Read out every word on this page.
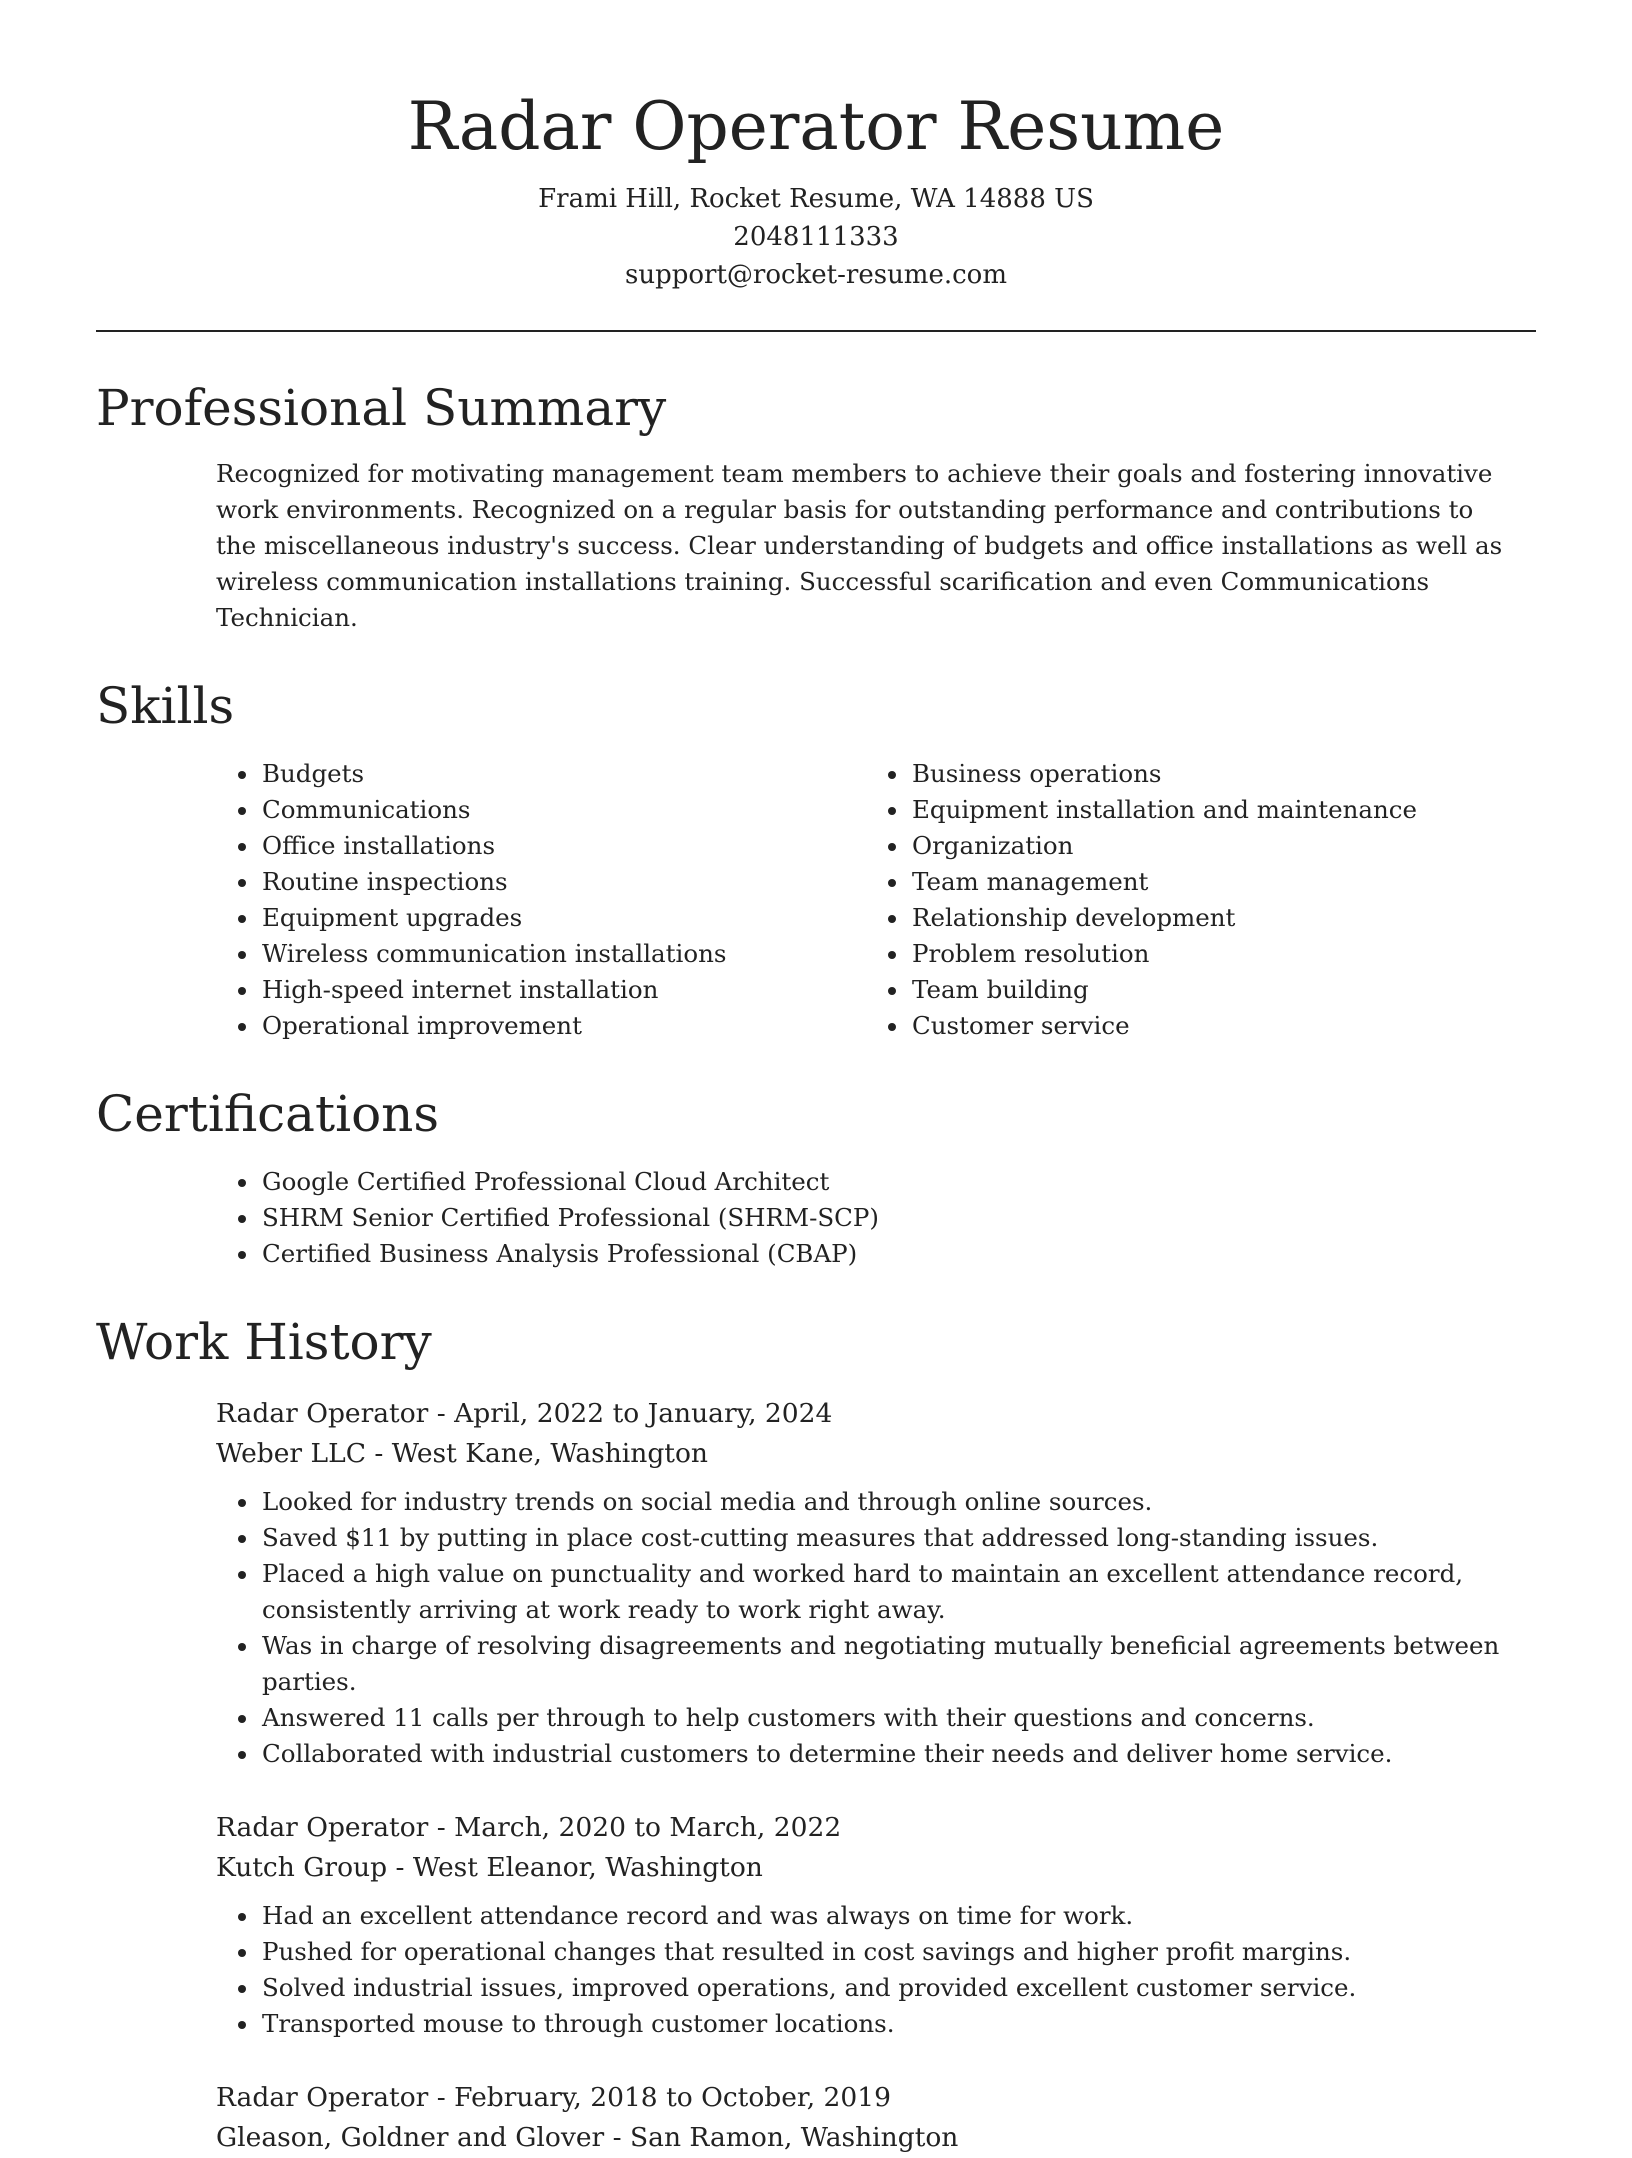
Radar Operator Resume
Frami Hill, Rocket Resume, WA 14888 US
2048111333
support@rocket-resume.com
Professional Summary
Recognized for motivating management team members to achieve their goals and fostering innovative work environments. Recognized on a regular basis for outstanding performance and contributions to the miscellaneous industry's success. Clear understanding of budgets and office installations as well as wireless communication installations training. Successful scarification and even Communications Technician.
Skills
• Budgets
• Communications
• Office installations
• Routine inspections
• Equipment upgrades
• Wireless communication installations
• High-speed internet installation
• Operational improvement
• Business operations
• Equipment installation and maintenance
• Organization
• Team management
• Relationship development
• Problem resolution
• Team building
• Customer service
Certifications
• Google Certified Professional Cloud Architect
• SHRM Senior Certified Professional (SHRM-SCP)
• Certified Business Analysis Professional (CBAP)
Work History
Radar Operator - April, 2022 to January, 2024
Weber LLC - West Kane, Washington
• Looked for industry trends on social media and through online sources.
• Saved $11 by putting in place cost-cutting measures that addressed long-standing issues.
• Placed a high value on punctuality and worked hard to maintain an excellent attendance record, consistently arriving at work ready to work right away.
• Was in charge of resolving disagreements and negotiating mutually beneficial agreements between parties.
• Answered 11 calls per through to help customers with their questions and concerns.
• Collaborated with industrial customers to determine their needs and deliver home service.
Radar Operator - March, 2020 to March, 2022
Kutch Group - West Eleanor, Washington
• Had an excellent attendance record and was always on time for work.
• Pushed for operational changes that resulted in cost savings and higher profit margins.
• Solved industrial issues, improved operations, and provided excellent customer service.
• Transported mouse to through customer locations.
Radar Operator - February, 2018 to October, 2019
Gleason, Goldner and Glover - San Ramon, Washington
